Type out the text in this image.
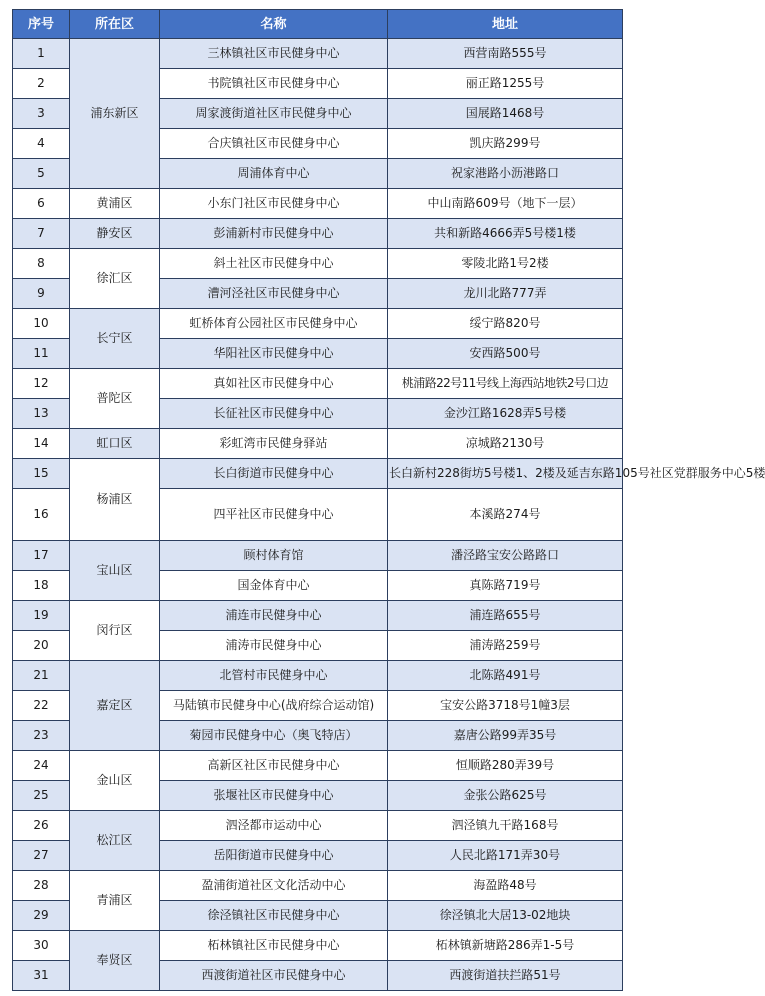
序号	所在区	名称	地址
1	浦东新区	三林镇社区市民健身中心	西营南路555号
2		书院镇社区市民健身中心	丽正路1255号
3		周家渡街道社区市民健身中心	国展路1468号
4		合庆镇社区市民健身中心	凯庆路299号
5		周浦体育中心	祝家港路小沥港路口
6	黄浦区	小东门社区市民健身中心	中山南路609号（地下一层）
7	静安区	彭浦新村市民健身中心	共和新路4666弄5号楼1楼
8	徐汇区	斜土社区市民健身中心	零陵北路1号2楼
9		漕河泾社区市民健身中心	龙川北路777弄
10	长宁区	虹桥体育公园社区市民健身中心	绥宁路820号
11		华阳社区市民健身中心	安西路500号
12	普陀区	真如社区市民健身中心	桃浦路22号11号线上海西站地铁2号口边
13		长征社区市民健身中心	金沙江路1628弄5号楼
14	虹口区	彩虹湾市民健身驿站	凉城路2130号
15	杨浦区	长白街道市民健身中心	长白新村228街坊5号楼1、2楼及延吉东路105号社区党群服务中心5楼
16		四平社区市民健身中心	本溪路274号
17	宝山区	顾村体育馆	潘泾路宝安公路路口
18		国金体育中心	真陈路719号
19	闵行区	浦连市民健身中心	浦连路655号
20		浦涛市民健身中心	浦涛路259号
21	嘉定区	北管村市民健身中心	北陈路491号
22		马陆镇市民健身中心(战府综合运动馆)	宝安公路3718号1幢3层
23		菊园市民健身中心（奥飞特店）	嘉唐公路99弄35号
24	金山区	高新区社区市民健身中心	恒顺路280弄39号
25		张堰社区市民健身中心	金张公路625号
26	松江区	泗泾都市运动中心	泗泾镇九干路168号
27		岳阳街道市民健身中心	人民北路171弄30号
28	青浦区	盈浦街道社区文化活动中心	海盈路48号
29		徐泾镇社区市民健身中心	徐泾镇北大居13-02地块
30	奉贤区	柘林镇社区市民健身中心	柘林镇新塘路286弄1-5号
31		西渡街道社区市民健身中心	西渡街道扶拦路51号
